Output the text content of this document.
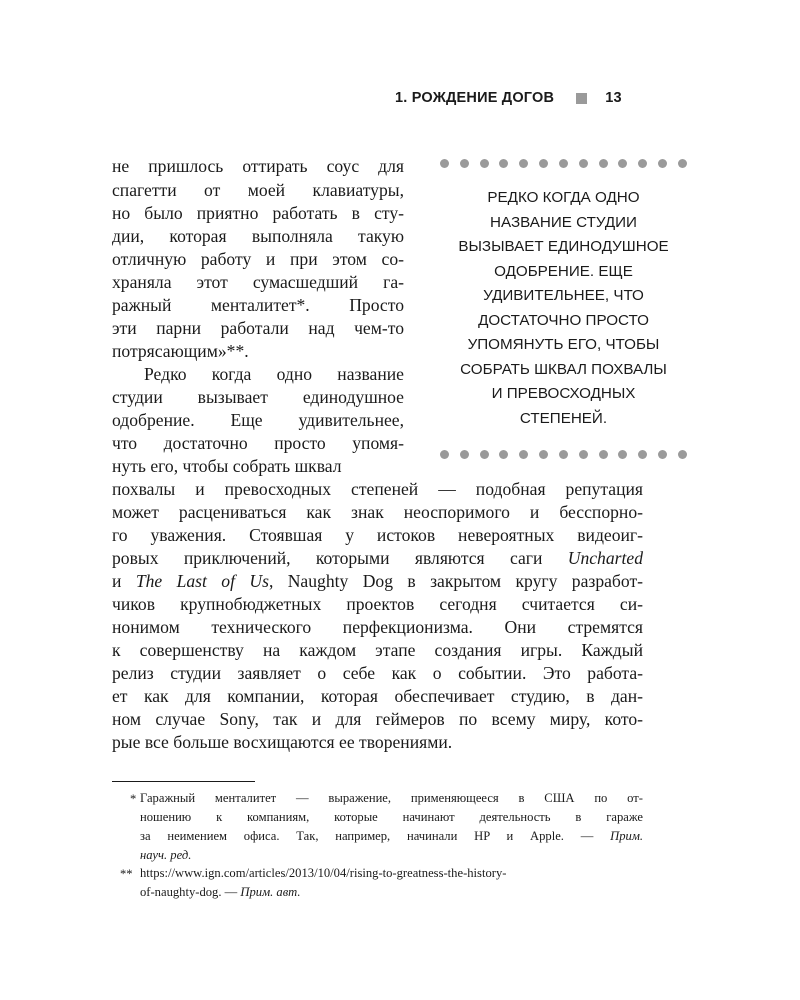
1. РОЖДЕНИЕ ДОГОВ	13
РЕДКО КОГДА ОДНО
НАЗВАНИЕ СТУДИИ
ВЫЗЫВАЕТ ЕДИНОДУШНОЕ
ОДОБРЕНИЕ. ЕЩЕ
УДИВИТЕЛЬНЕЕ, ЧТО
ДОСТАТОЧНО ПРОСТО
УПОМЯНУТЬ ЕГО, ЧТОБЫ
СОБРАТЬ ШКВАЛ ПОХВАЛЫ
И ПРЕВОСХОДНЫХ
СТЕПЕНЕЙ.
не пришлось оттирать соус для
спагетти от моей клавиатуры,
но было приятно работать в сту-
дии, которая выполняла такую
отличную работу и при этом со-
храняла этот сумасшедший га-
ражный менталитет*. Просто
эти парни работали над чем-то
потрясающим»**.
Редко когда одно название
студии вызывает единодушное
одобрение. Еще удивительнее,
что достаточно просто упомя-
нуть его, чтобы собрать шквал
похвалы и превосходных степеней — подобная репутация
может расцениваться как знак неоспоримого и бесспорно-
го уважения. Стоявшая у истоков невероятных видеоиг-
ровых приключений, которыми являются саги Uncharted
и The Last of Us, Naughty Dog в закрытом кругу разработ-
чиков крупнобюджетных проектов сегодня считается си-
нонимом технического перфекционизма. Они стремятся
к совершенству на каждом этапе создания игры. Каждый
релиз студии заявляет о себе как о событии. Это работа-
ет как для компании, которая обеспечивает студию, в дан-
ном случае Sony, так и для геймеров по всему миру, кото-
рые все больше восхищаются ее творениями.
* Гаражный менталитет — выражение, применяющееся в США по от-
ношению к компаниям, которые начинают деятельность в гараже
за неимением офиса. Так, например, начинали HP и Apple. — Прим.
науч. ред.
** https://www.ign.com/articles/2013/10/04/rising-to-greatness-the-history-
of-naughty-dog. — Прим. авт.
